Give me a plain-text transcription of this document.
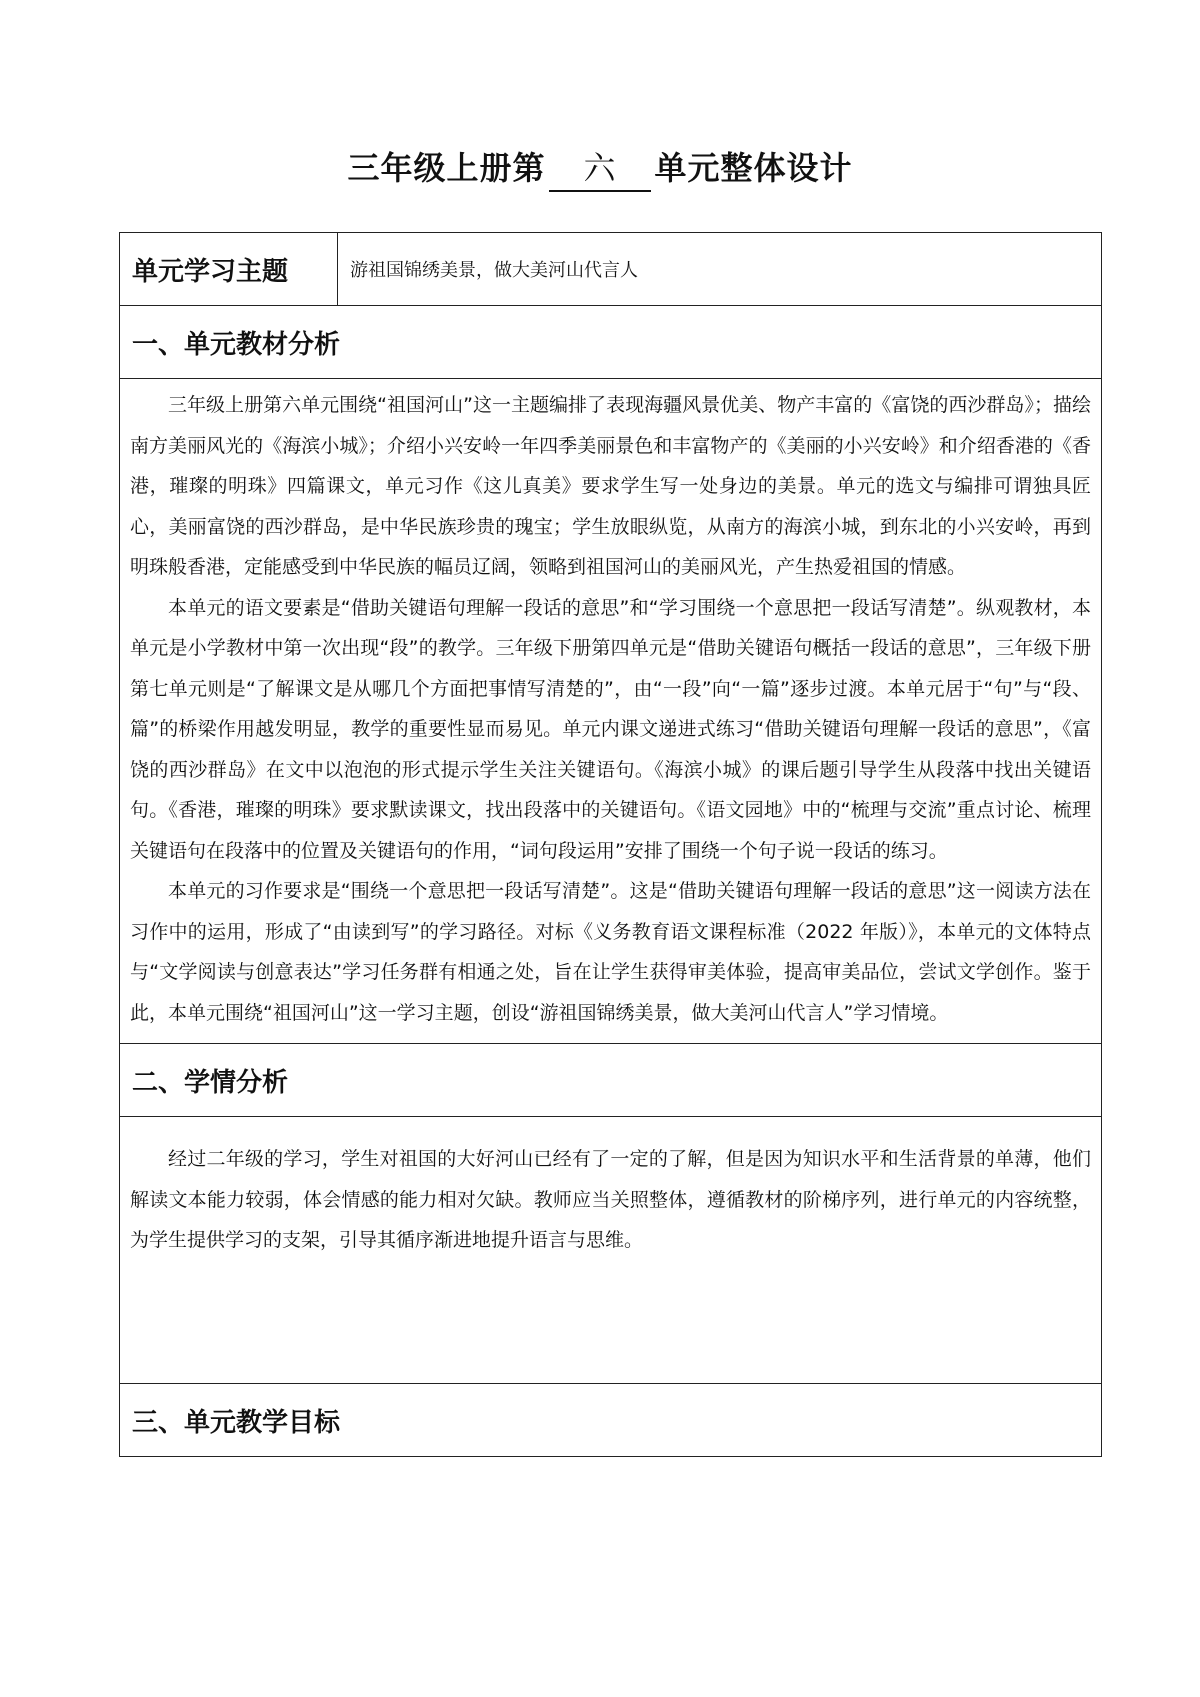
三年级上册第 六 单元整体设计
单元学习主题	游祖国锦绣美景，做大美河山代言人
一、单元教材分析

三年级上册第六单元围绕“祖国河山”这一主题编排了表现海疆风景优美、物产丰富的《富饶的西沙群岛》；描绘南方美丽风光的《海滨小城》；介绍小兴安岭一年四季美丽景色和丰富物产的《美丽的小兴安岭》和介绍香港的《香港，璀璨的明珠》四篇课文，单元习作《这儿真美》要求学生写一处身边的美景。单元的选文与编排可谓独具匠心，美丽富饶的西沙群岛，是中华民族珍贵的瑰宝；学生放眼纵览，从南方的海滨小城，到东北的小兴安岭，再到明珠般香港，定能感受到中华民族的幅员辽阔，领略到祖国河山的美丽风光，产生热爱祖国的情感。

本单元的语文要素是“借助关键语句理解一段话的意思”和“学习围绕一个意思把一段话写清楚”。纵观教材，本单元是小学教材中第一次出现“段”的教学。三年级下册第四单元是“借助关键语句概括一段话的意思”，三年级下册第七单元则是“了解课文是从哪几个方面把事情写清楚的”，由“一段”向“一篇”逐步过渡。本单元居于“句”与“段、篇”的桥梁作用越发明显，教学的重要性显而易见。单元内课文递进式练习“借助关键语句理解一段话的意思”，《富饶的西沙群岛》在文中以泡泡的形式提示学生关注关键语句。《海滨小城》的课后题引导学生从段落中找出关键语句。《香港，璀璨的明珠》要求默读课文，找出段落中的关键语句。《语文园地》中的“梳理与交流”重点讨论、梳理关键语句在段落中的位置及关键语句的作用，“词句段运用”安排了围绕一个句子说一段话的练习。

本单元的习作要求是“围绕一个意思把一段话写清楚”。这是“借助关键语句理解一段话的意思”这一阅读方法在习作中的运用，形成了“由读到写”的学习路径。对标《义务教育语文课程标准（2022 年版）》，本单元的文体特点与“文学阅读与创意表达”学习任务群有相通之处，旨在让学生获得审美体验，提高审美品位，尝试文学创作。鉴于此，本单元围绕“祖国河山”这一学习主题，创设“游祖国锦绣美景，做大美河山代言人”学习情境。

二、学情分析

经过二年级的学习，学生对祖国的大好河山已经有了一定的了解，但是因为知识水平和生活背景的单薄，他们解读文本能力较弱，体会情感的能力相对欠缺。教师应当关照整体，遵循教材的阶梯序列，进行单元的内容统整，为学生提供学习的支架，引导其循序渐进地提升语言与思维。

三、单元教学目标
